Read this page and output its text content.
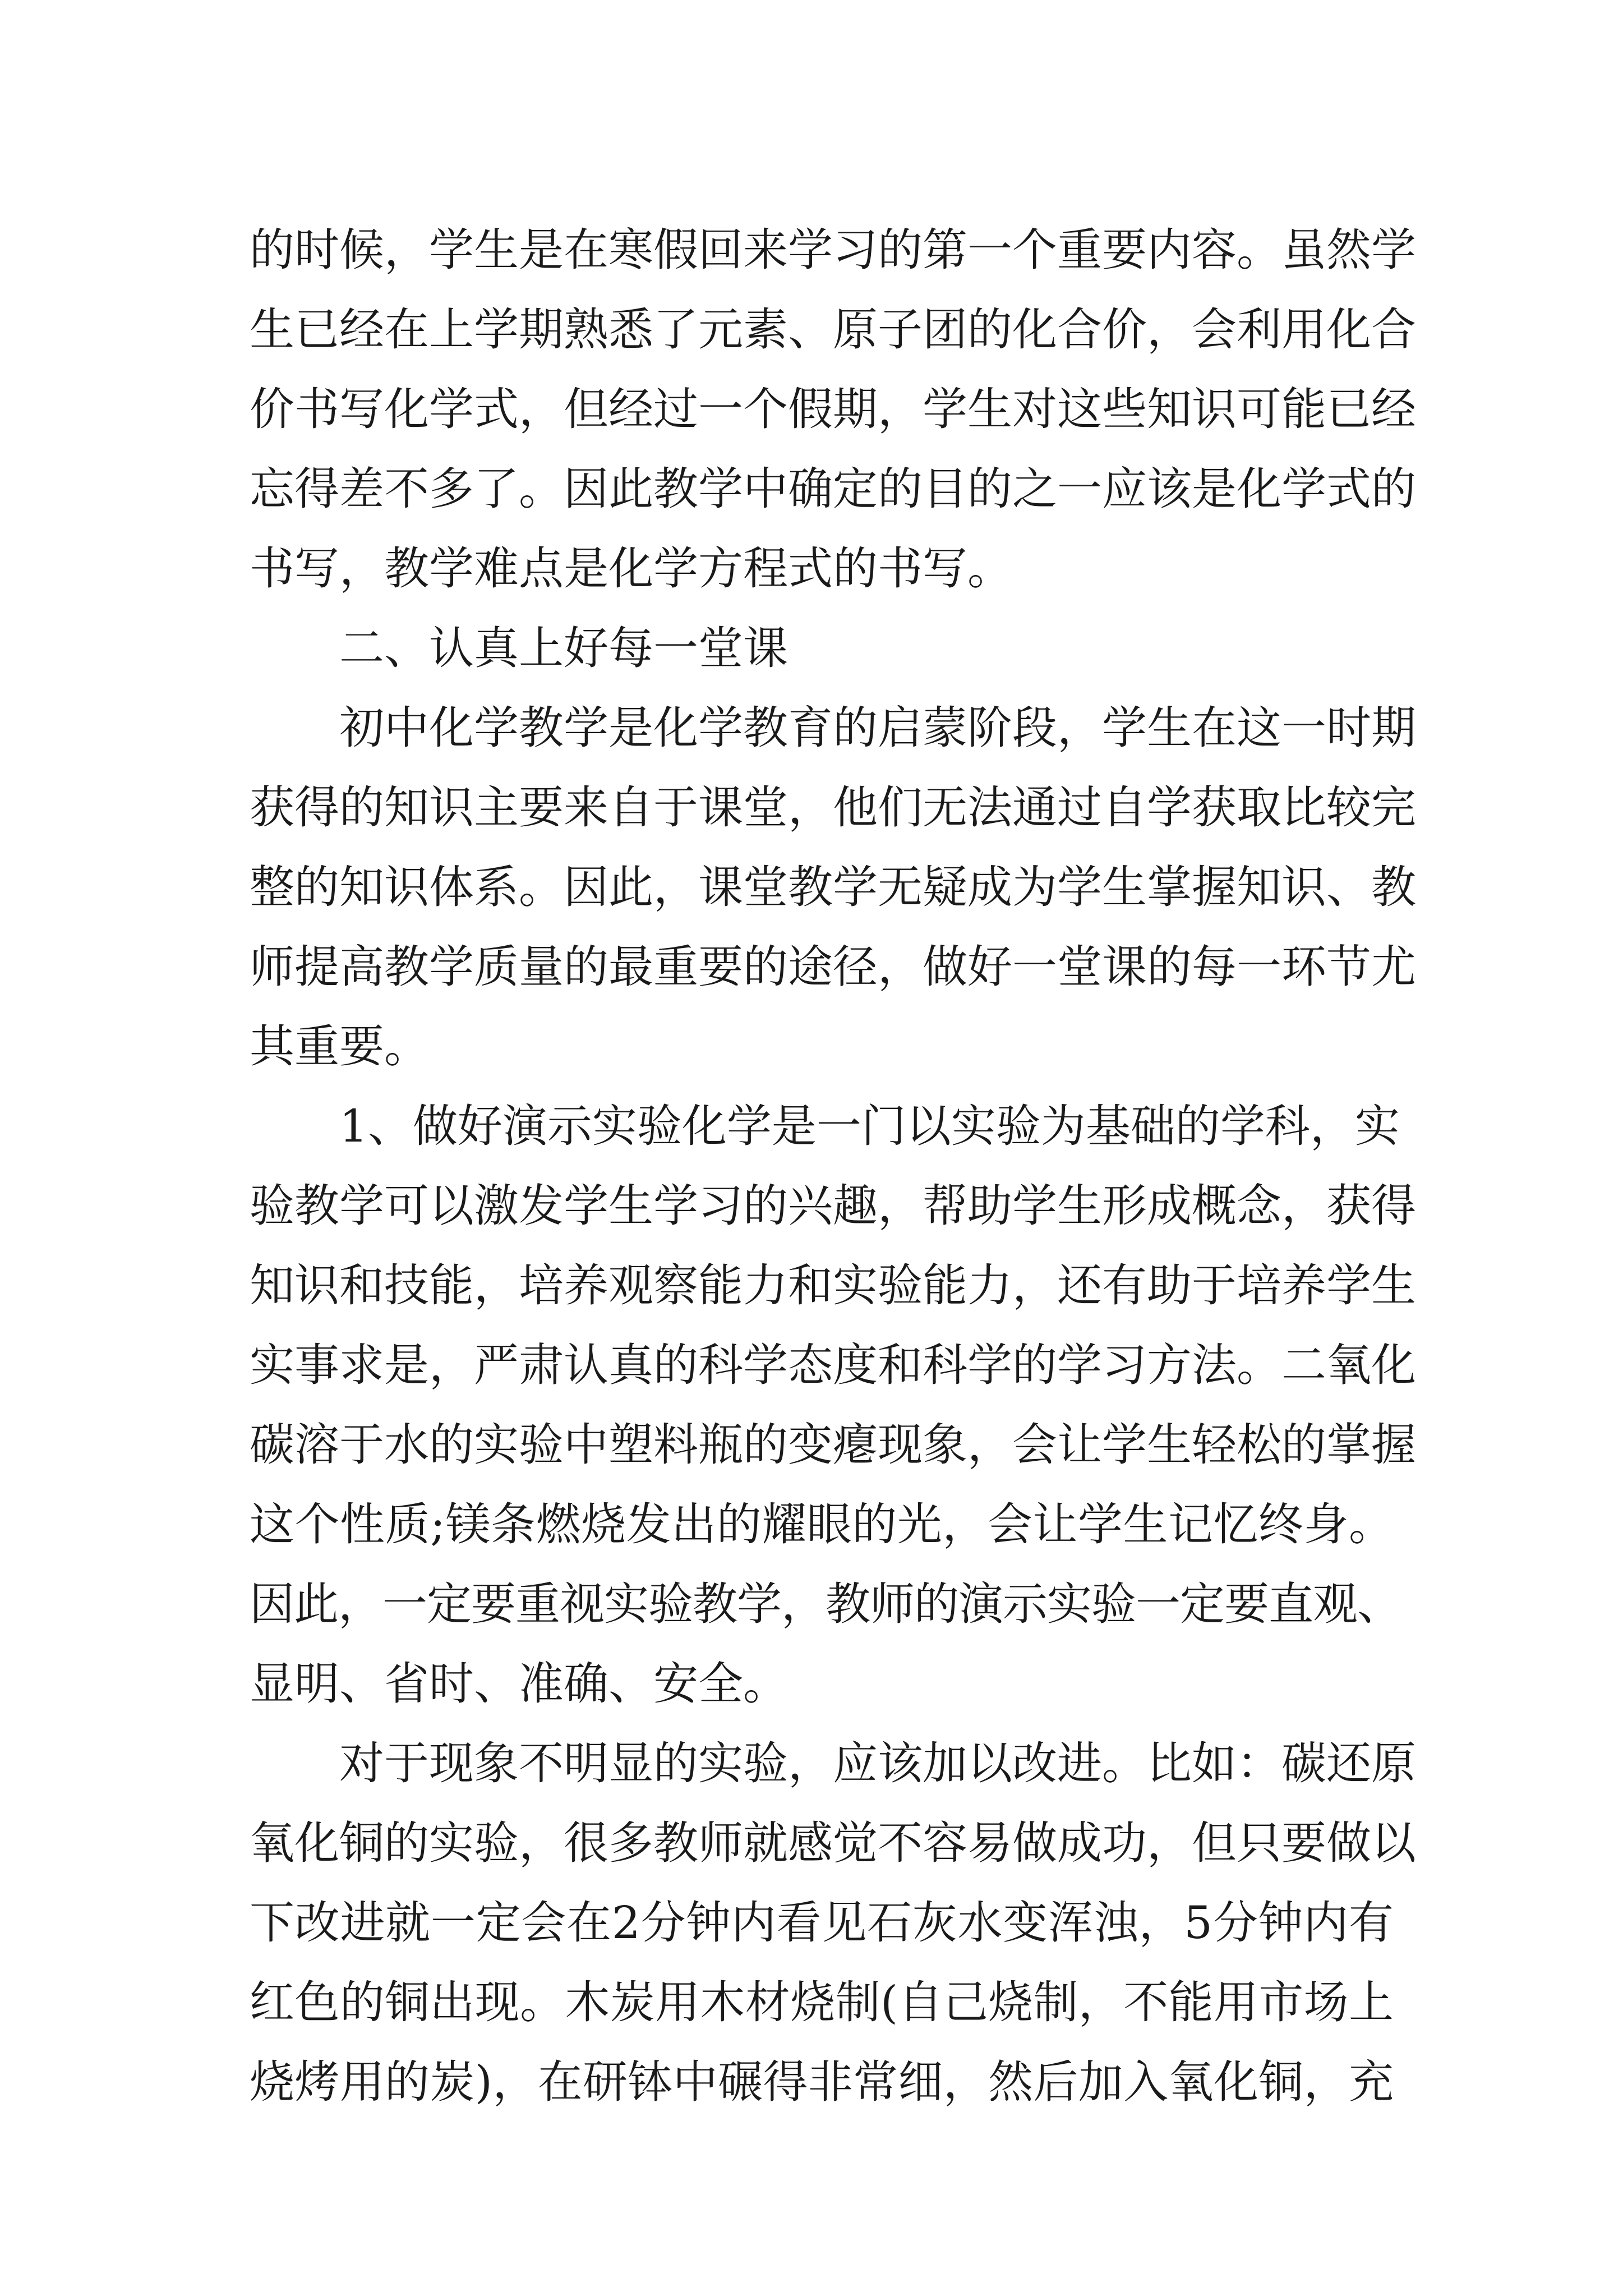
的时候，学生是在寒假回来学习的第一个重要内容。虽然学
生已经在上学期熟悉了元素、原子团的化合价，会利用化合
价书写化学式，但经过一个假期，学生对这些知识可能已经
忘得差不多了。因此教学中确定的目的之一应该是化学式的
书写，教学难点是化学方程式的书写。
二、认真上好每一堂课
初中化学教学是化学教育的启蒙阶段，学生在这一时期
获得的知识主要来自于课堂，他们无法通过自学获取比较完
整的知识体系。因此，课堂教学无疑成为学生掌握知识、教
师提高教学质量的最重要的途径，做好一堂课的每一环节尤
其重要。
1、做好演示实验化学是一门以实验为基础的学科，实
验教学可以激发学生学习的兴趣，帮助学生形成概念，获得
知识和技能，培养观察能力和实验能力，还有助于培养学生
实事求是，严肃认真的科学态度和科学的学习方法。二氧化
碳溶于水的实验中塑料瓶的变瘪现象，会让学生轻松的掌握
这个性质;镁条燃烧发出的耀眼的光，会让学生记忆终身。
因此，一定要重视实验教学，教师的演示实验一定要直观、
显明、省时、准确、安全。
对于现象不明显的实验，应该加以改进。比如：碳还原
氧化铜的实验，很多教师就感觉不容易做成功，但只要做以
下改进就一定会在2分钟内看见石灰水变浑浊，5分钟内有
红色的铜出现。木炭用木材烧制(自己烧制，不能用市场上
烧烤用的炭)，在研钵中碾得非常细，然后加入氧化铜，充
